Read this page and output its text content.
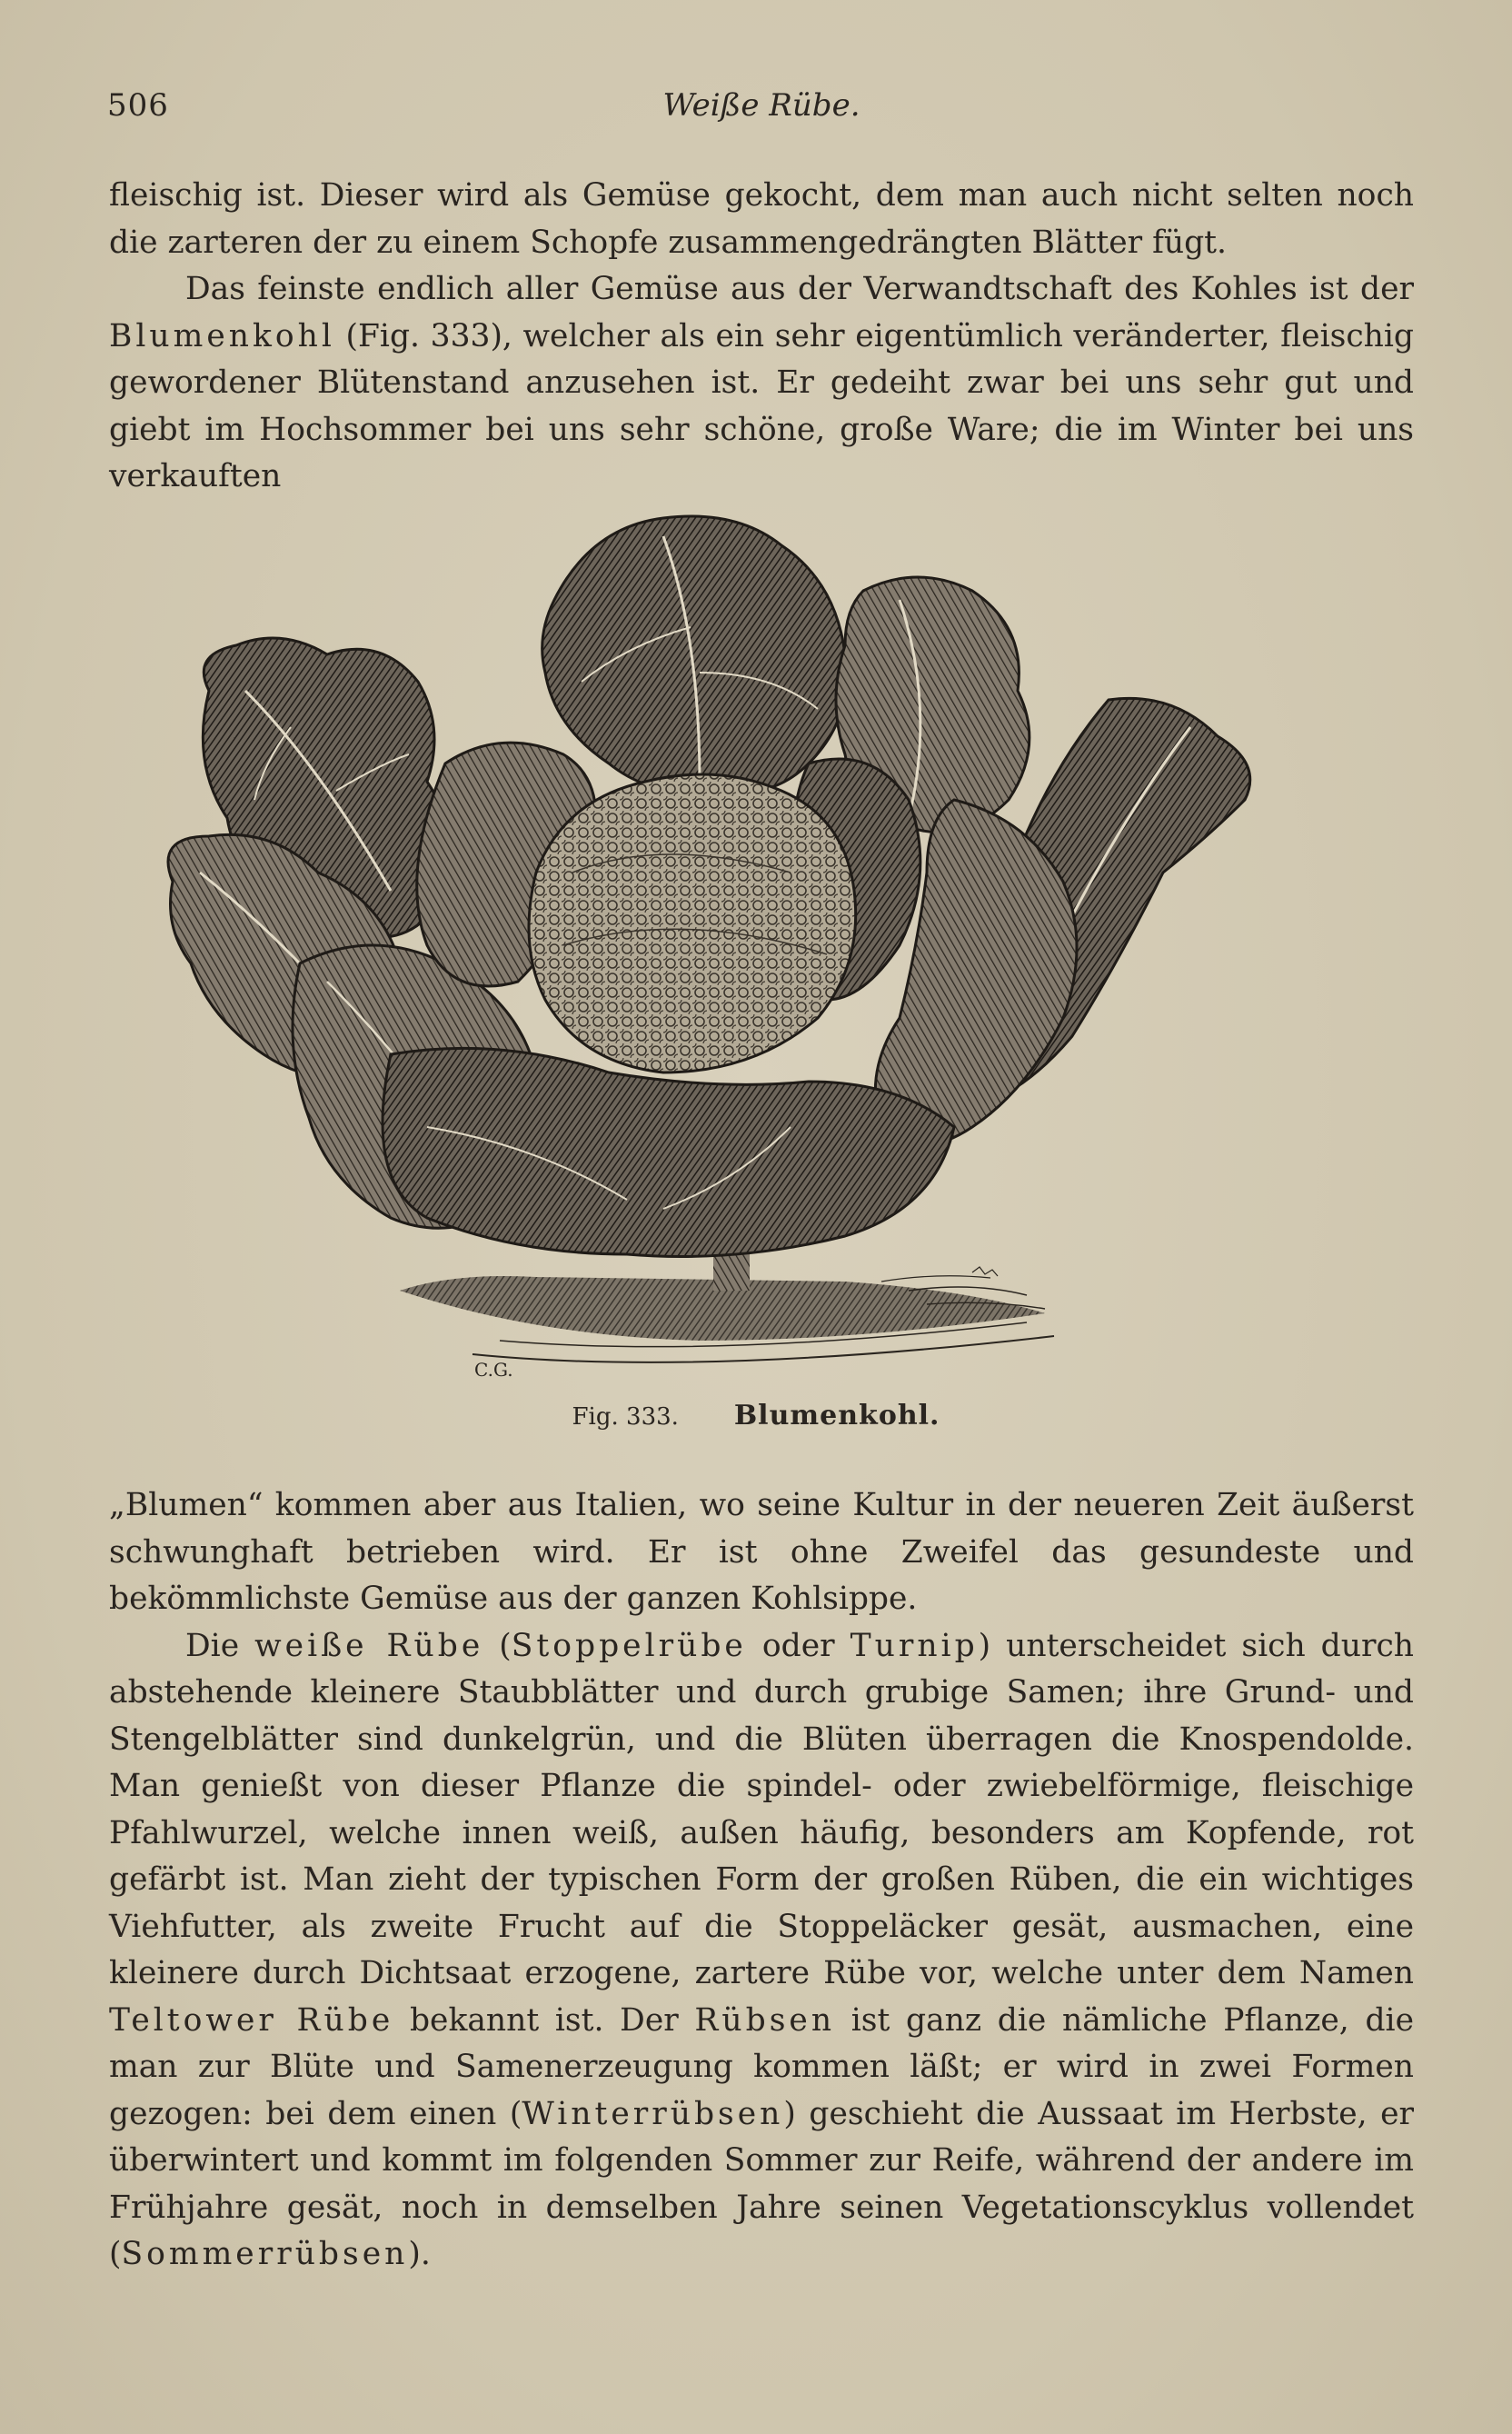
506	Weiße Rübe.

fleischig ist. Dieser wird als Gemüse gekocht, dem man auch nicht selten noch die zarteren der zu einem Schopfe zusammengedrängten Blätter fügt.

Das feinste endlich aller Gemüse aus der Verwandtschaft des Kohles ist der Blumenkohl (Fig. 333), welcher als ein sehr eigentümlich veränderter, fleischig gewordener Blütenstand anzusehen ist. Er gedeiht zwar bei uns sehr gut und giebt im Hochsommer bei uns sehr schöne, große Ware; die im Winter bei uns verkauften

C.G.
Fig. 333. Blumenkohl.

„Blumen“ kommen aber aus Italien, wo seine Kultur in der neueren Zeit äußerst schwunghaft betrieben wird. Er ist ohne Zweifel das gesundeste und bekömmlichste Gemüse aus der ganzen Kohlsippe.

Die weiße Rübe (Stoppelrübe oder Turnip) unterscheidet sich durch abstehende kleinere Staubblätter und durch grubige Samen; ihre Grund- und Stengelblätter sind dunkelgrün, und die Blüten überragen die Knospendolde. Man genießt von dieser Pflanze die spindel- oder zwiebelförmige, fleischige Pfahlwurzel, welche innen weiß, außen häufig, besonders am Kopfende, rot gefärbt ist. Man zieht der typischen Form der großen Rüben, die ein wichtiges Viehfutter, als zweite Frucht auf die Stoppeläcker gesät, ausmachen, eine kleinere durch Dichtsaat erzogene, zartere Rübe vor, welche unter dem Namen Teltower Rübe bekannt ist. Der Rübsen ist ganz die nämliche Pflanze, die man zur Blüte und Samenerzeugung kommen läßt; er wird in zwei Formen gezogen: bei dem einen (Winterrübsen) geschieht die Aussaat im Herbste, er überwintert und kommt im folgenden Sommer zur Reife, während der andere im Frühjahre gesät, noch in demselben Jahre seinen Vegetationscyklus vollendet (Sommerrübsen).
